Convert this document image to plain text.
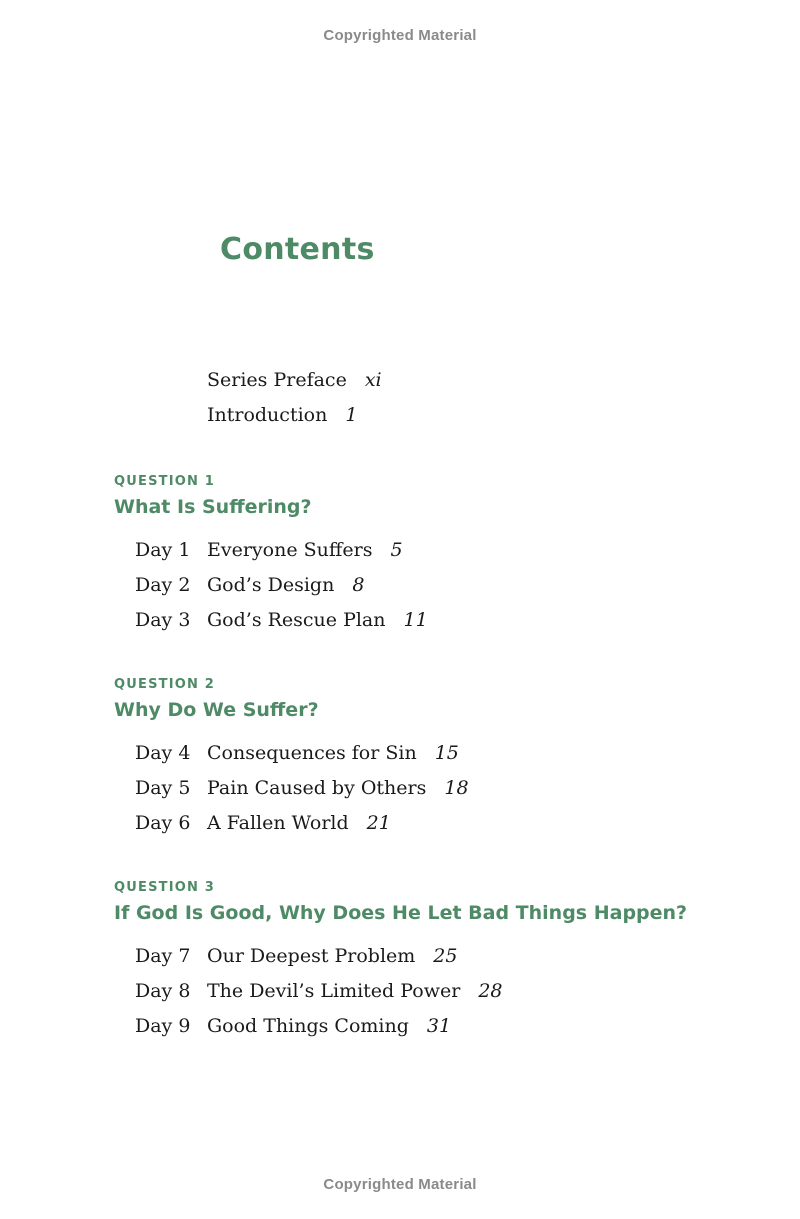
Copyrighted Material
Contents
Series Preface xi
Introduction 1
QUESTION 1
What Is Suffering?
Day 1 Everyone Suffers 5
Day 2 God’s Design 8
Day 3 God’s Rescue Plan 11
QUESTION 2
Why Do We Suffer?
Day 4 Consequences for Sin 15
Day 5 Pain Caused by Others 18
Day 6 A Fallen World 21
QUESTION 3
If God Is Good, Why Does He Let Bad Things Happen?
Day 7 Our Deepest Problem 25
Day 8 The Devil’s Limited Power 28
Day 9 Good Things Coming 31
Copyrighted Material
